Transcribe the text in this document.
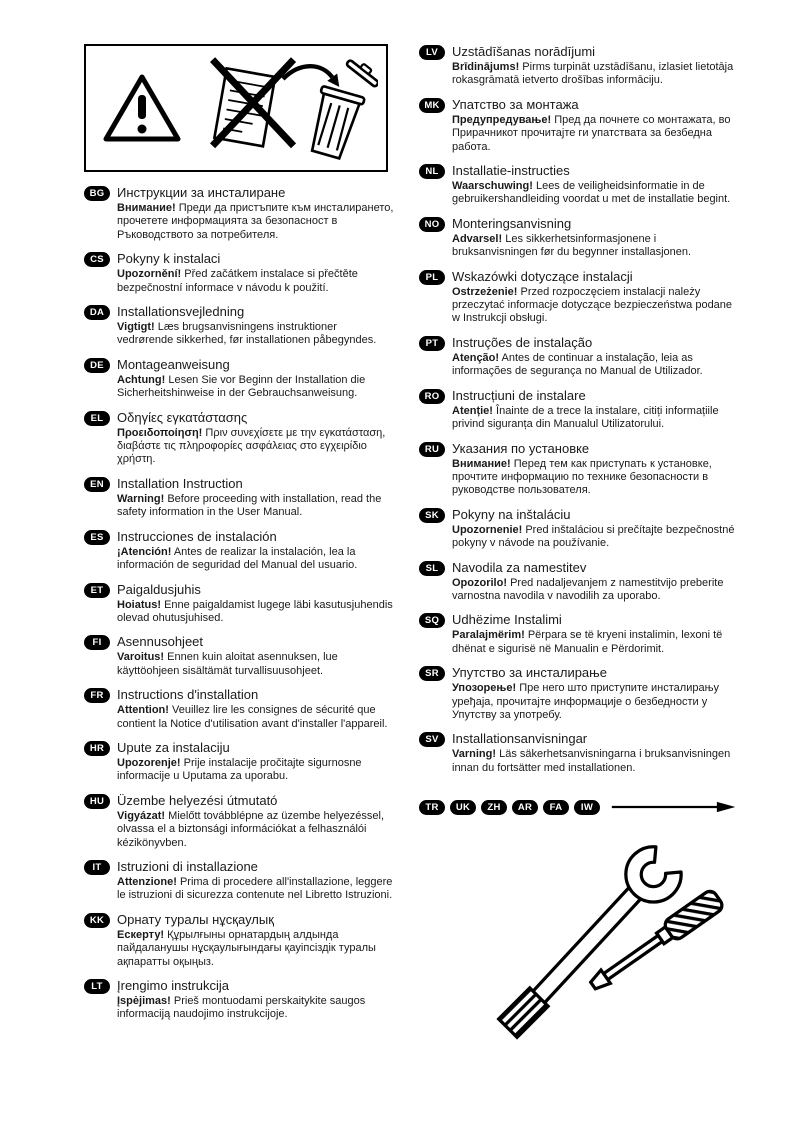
BG Инструкции за инсталиране
Внимание! Преди да пристъпите към инсталирането, прочетете информацията за безопасност в Ръководството за потребителя.
CS	Pokyny k instalaci
Upozornění! Před začátkem instalace si přečtěte bezpečnostní informace v návodu k použití.
DA Installationsvejledning
Vigtigt! Læs brugsanvisningens instruktioner vedrørende sikkerhed, før installationen påbegyndes.
DE	Montageanweisung
Achtung! Lesen Sie vor Beginn der Installation die Sicherheitshinweise in der Gebrauchsanweisung.
EL	Οδηγίες εγκατάστασης
Προειδοποίηση! Πριν συνεχίσετε με την εγκατάσταση, διαβάστε τις πληροφορίες ασφάλειας στο εγχειρίδιο χρήστη.
EN	Installation Instruction
Warning! Before proceeding with installation, read the safety information in the User Manual.
ES	Instrucciones de instalación
¡Atención! Antes de realizar la instalación, lea la información de seguridad del Manual del usuario.
ET	Paigaldusjuhis
Hoiatus! Enne paigaldamist lugege läbi kasutusjuhendis olevad ohutusjuhised.
FI	Asennusohjeet
Varoitus! Ennen kuin aloitat asennuksen, lue käyttöohjeen sisältämät turvallisuusohjeet.
FR	Instructions d'installation
Attention! Veuillez lire les consignes de sécurité que contient la Notice d'utilisation avant d'installer l'appareil.
HR Upute za instalaciju
Upozorenje! Prije instalacije pročitajte sigurnosne informacije u Uputama za uporabu.
HU Üzembe helyezési útmutató
Vigyázat! Mielőtt továbblépne az üzembe helyezéssel, olvassa el a biztonsági információkat a felhasználói kézikönyvben.
IT	Istruzioni di installazione
Attenzione! Prima di procedere all'installazione, leggere le istruzioni di sicurezza contenute nel Libretto Istruzioni.
KK Орнату туралы нұсқаулық
Ескерту! Құрылғыны орнатардың алдында пайдаланушы нұсқаулығындағы қауіпсіздік туралы ақпаратты оқыңыз.
LT	Įrengimo instrukcija
Įspėjimas! Prieš montuodami perskaitykite saugos informaciją naudojimo instrukcijoje.
LV	Uzstādīšanas norādījumi
Brīdinājums! Pirms turpināt uzstādīšanu, izlasiet lietotāja rokasgrāmatā ietverto drošības informāciju.
MK Упатство за монтажа
Предупредување! Пред да почнете со монтажата, во Прирачникот прочитајте ги упатствата за безбедна работа.
NL	Installatie-instructies
Waarschuwing! Lees de veiligheidsinformatie in de gebruikershandleiding voordat u met de installatie begint.
NO Monteringsanvisning
Advarsel! Les sikkerhetsinformasjonene i bruksanvisningen før du begynner installasjonen.
PL	Wskazówki dotyczące instalacji
Ostrzeżenie! Przed rozpoczęciem instalacji należy przeczytać informacje dotyczące bezpieczeństwa podane w Instrukcji obsługi.
PT	Instruções de instalação
Atenção! Antes de continuar a instalação, leia as informações de segurança no Manual de Utilizador.
RO Instrucțiuni de instalare
Atenție! Înainte de a trece la instalare, citiți informațiile privind siguranța din Manualul Utilizatorului.
RU Указания по установке
Внимание! Перед тем как приступать к установке, прочтите информацию по технике безопасности в руководстве пользователя.
SK	Pokyny na inštaláciu
Upozornenie! Pred inštaláciou si prečítajte bezpečnostné pokyny v návode na používanie.
SL	Navodila za namestitev
Opozorilo! Pred nadaljevanjem z namestitvijo preberite varnostna navodila v navodilih za uporabo.
SQ Udhëzime Instalimi
Paralajmërim! Përpara se të kryeni instalimin, lexoni të dhënat e sigurisë në Manualin e Përdorimit.
SR	Упутство за инсталирање
Упозорење! Пре него што приступите инсталирању уређаја, прочитајте информације о безбедности у Упутству за употребу.
SV	Installationsanvisningar
Varning! Läs säkerhetsanvisningarna i bruksanvisningen innan du fortsätter med installationen.
TR	UK	ZH	AR	FA	IW
